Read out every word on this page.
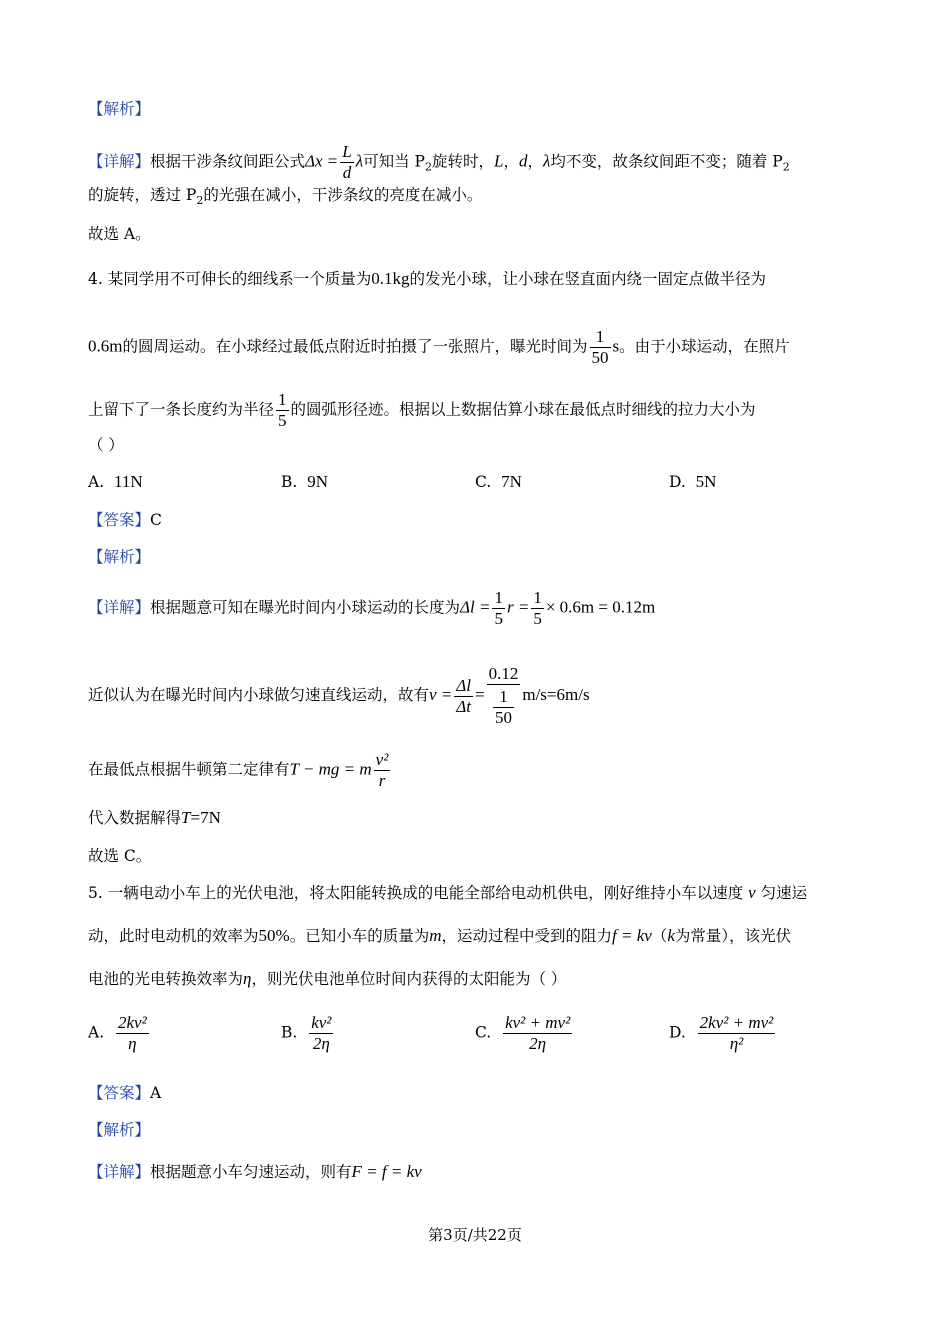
【解析】
【详解】根据干涉条纹间距公式$\Delta x = \frac{L}{d}$ λ可知当 $P_2$旋转时，L，d，λ均不变，故条纹间距不变；随着 $P_2$
的旋转，透过 $P_2$的光强在减小，干涉条纹的亮度在减小。
故选 A。
4. 某同学用不可伸长的细线系一个质量为0.1kg的发光小球，让小球在竖直面内绕一固定点做半径为
0.6m的圆周运动。在小球经过最低点附近时拍摄了一张照片，曝光时间为 $\frac{1}{50}$ s。由于小球运动，在照片
上留下了一条长度约为半径 $\frac{1}{5}$ 的圆弧形径迹。根据以上数据估算小球在最低点时细线的拉力大小为
（ ）
A. 11N	B. 9N	C. 7N	D. 5N
【答案】C
【解析】
【详解】根据题意可知在曝光时间内小球运动的长度为$\Delta l = \frac{1}{5}$ $r = \frac{1}{5} \times 0.6m = 0.12m$
近似认为在曝光时间内小球做匀速直线运动，故有$v = \frac{\Delta l}{\Delta t} = \frac{0.12}{\frac{1}{50}} m/s=6m/s$
在最低点根据牛顿第二定律有T − mg = m $\frac{\text{v²}}{r}$
代入数据解得T=7N
故选 C。
5. 一辆电动小车上的光伏电池，将太阳能转换成的电能全部给电动机供电，刚好维持小车以速度 v 匀速运
动，此时电动机的效率为50%。已知小车的质量为m，运动过程中受到的阻力f = kv（k为常量），该光伏
电池的光电转换效率为η，则光伏电池单位时间内获得的太阳能为（ ）
A. $\frac{\text{2kv²}}{\eta}$	B. $\frac{\text{kv²}}{2\eta}$	C. $\frac{\text{kv² + mv²}}{2\eta}$	D. $\frac{\text{2kv² + mv²}}{\text{η²}}$
【答案】A
【解析】
【详解】根据题意小车匀速运动，则有F = f = kv
第3页/共22页
